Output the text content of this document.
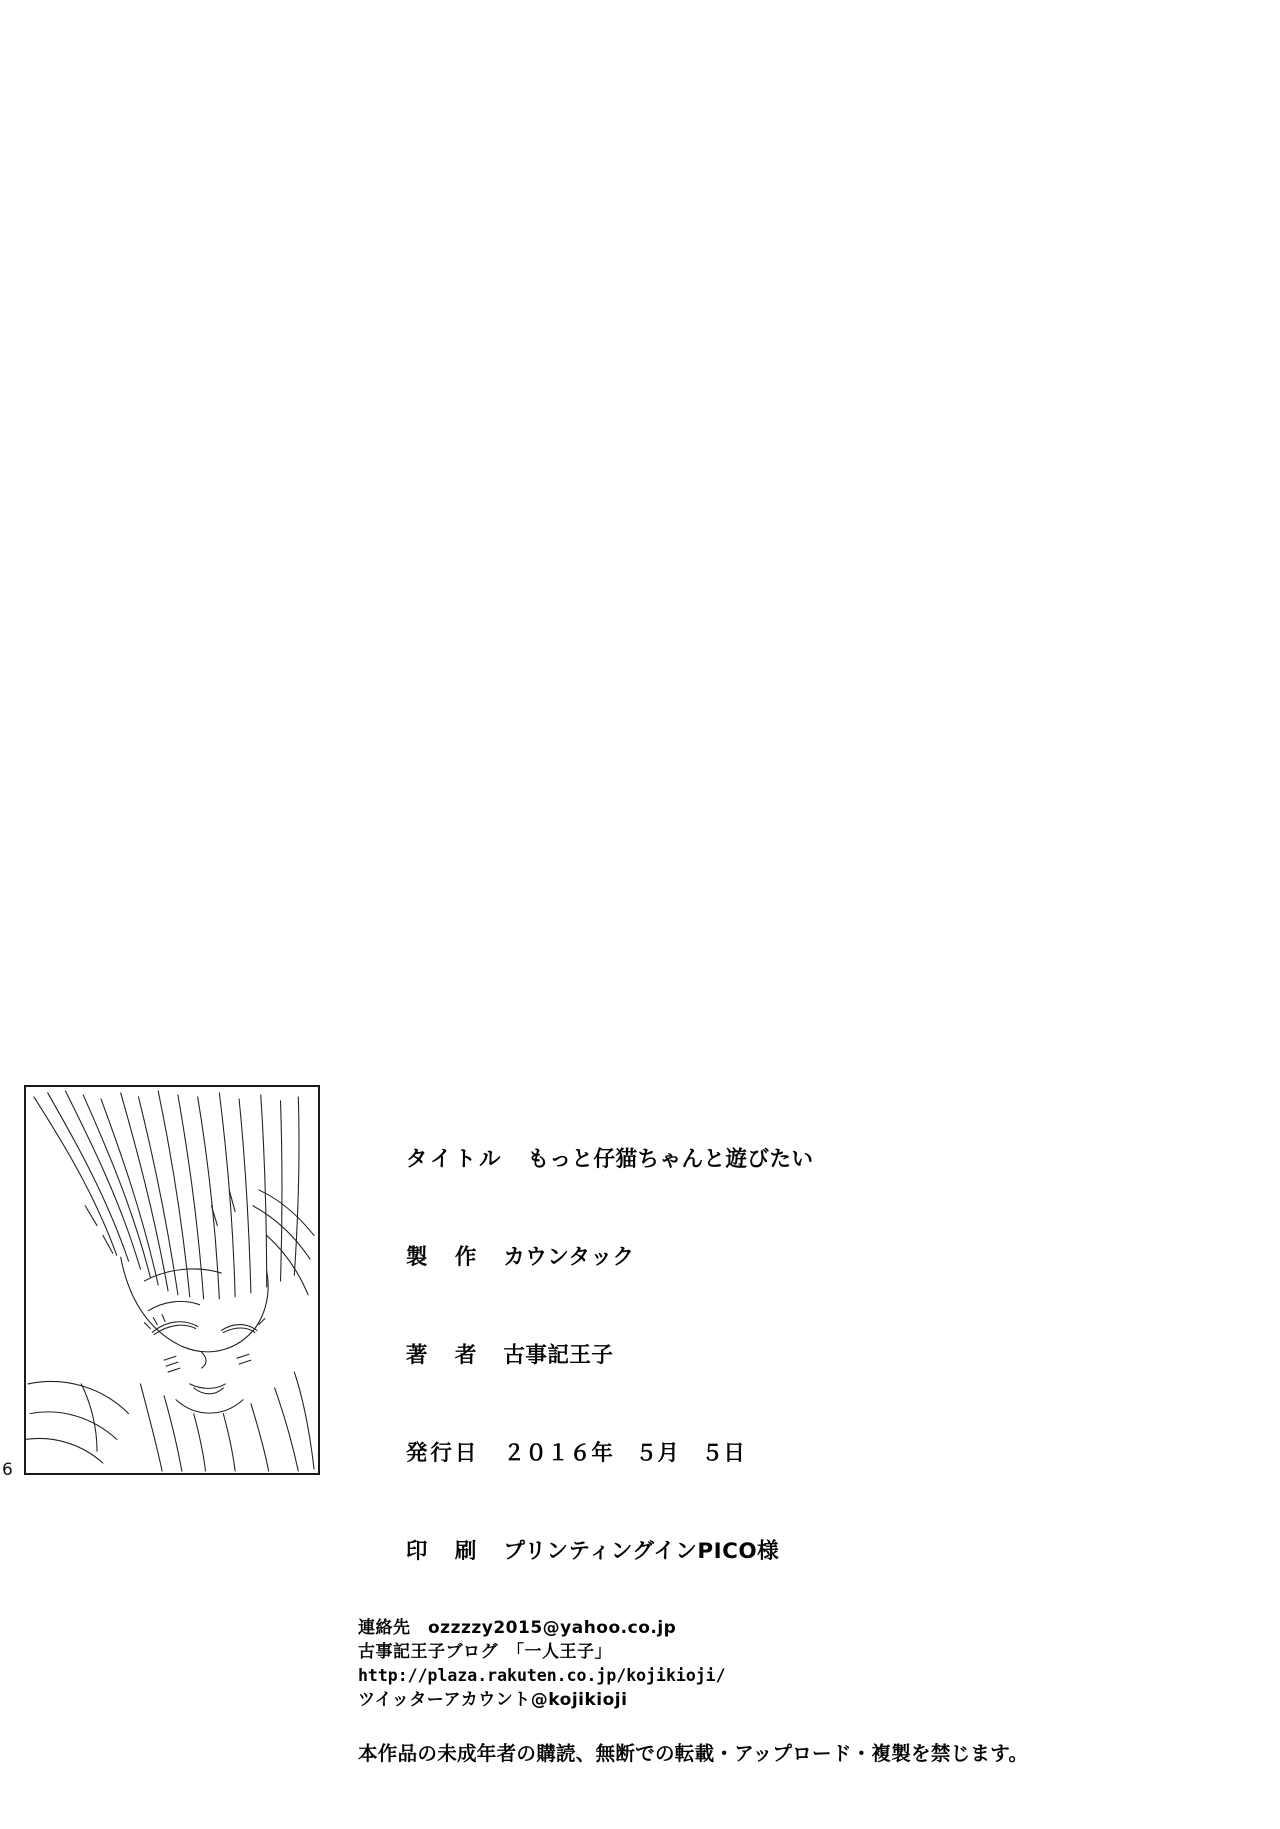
6

タイトル もっと仔猫ちゃんと遊びたい

製　作 カウンタック

著　者 古事記王子

発行日 ２０１６年　５月　５日

印　刷 プリンティングインPICO様

連絡先　ozzzzy2015@yahoo.co.jp
古事記王子ブログ　「一人王子」
http://plaza.rakuten.co.jp/kojikioji/
ツイッターアカウント@kojikioji
本作品の未成年者の購読、無断での転載・アップロード・複製を禁じます。
